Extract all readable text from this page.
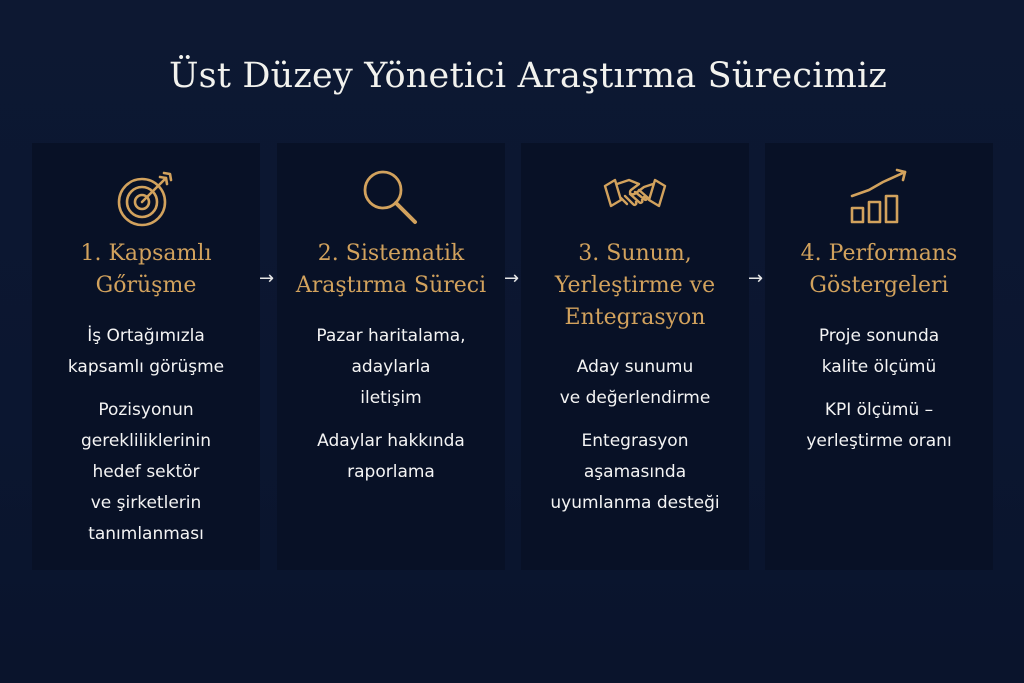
Üst Düzey Yönetici Araştırma Sürecimiz
1. Kapsamlı
Gőrüşme
İş Ortağımızla
kapsamlı görüşme
Pozisyonun
gerekliliklerinin
hedef sektör
ve şirketlerin
tanımlanması
→
2. Sistematik
Araştırma Süreci
Pazar haritalama,
adaylarla
iletişim
Adaylar hakkında
raporlama
→
3. Sunum,
Yerleştirme ve
Entegrasyon
Aday sunumu
ve değerlendirme
Entegrasyon
aşamasında
uyumlanma desteği
→
4. Performans
Göstergeleri
Proje sonunda
kalite ölçümü
KPI ölçümü –
yerleştirme oranı
